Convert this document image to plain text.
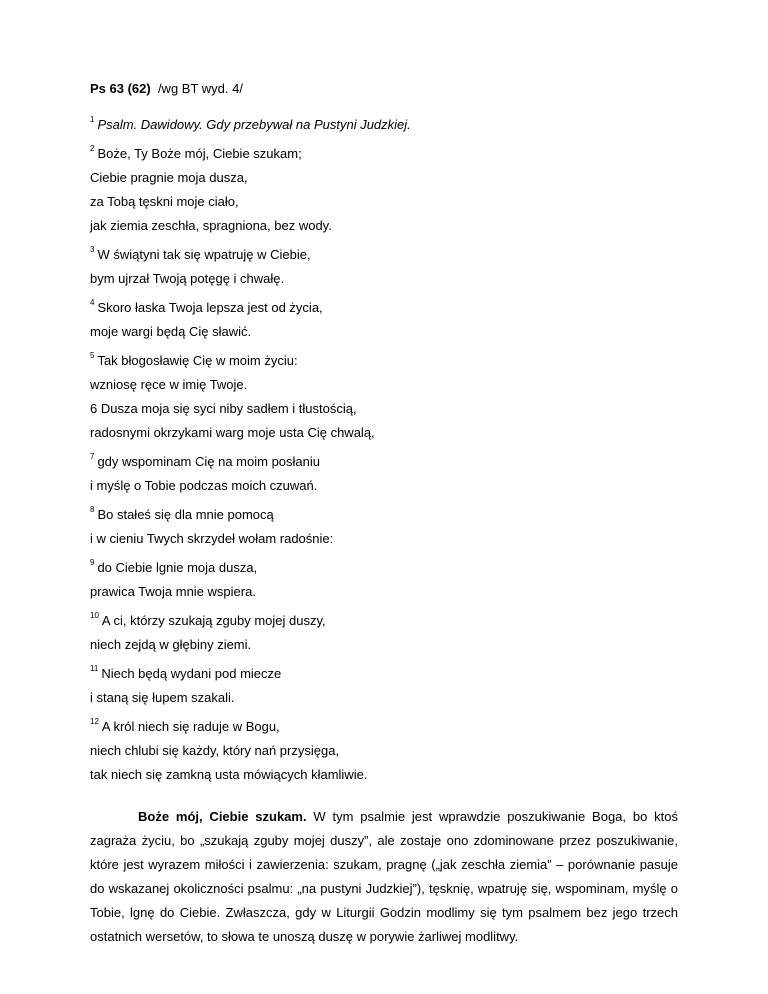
Ps 63 (62) /wg BT wyd. 4/

$^1$ Psalm. Dawidowy. Gdy przebywał na Pustyni Judzkiej.

$^2$ Boże, Ty Boże mój, Ciebie szukam;

Ciebie pragnie moja dusza,

za Tobą tęskni moje ciało,

jak ziemia zeschła, spragniona, bez wody.

$^3$ W świątyni tak się wpatruję w Ciebie,

bym ujrzał Twoją potęgę i chwałę.

$^4$ Skoro łaska Twoja lepsza jest od życia,

moje wargi będą Cię sławić.

$^5$ Tak błogosławię Cię w moim życiu:

wzniosę ręce w imię Twoje.

6 Dusza moja się syci niby sadłem i tłustością,

radosnymi okrzykami warg moje usta Cię chwalą,

$^7$ gdy wspominam Cię na moim posłaniu

i myślę o Tobie podczas moich czuwań.

$^8$ Bo stałeś się dla mnie pomocą

i w cieniu Twych skrzydeł wołam radośnie:

$^9$ do Ciebie lgnie moja dusza,

prawica Twoja mnie wspiera.

$^{10}$ A ci, którzy szukają zguby mojej duszy,

niech zejdą w głębiny ziemi.

$^{11}$ Niech będą wydani pod miecze

i staną się łupem szakali.

$^{12}$ A król niech się raduje w Bogu,

niech chlubi się każdy, który nań przysięga,

tak niech się zamkną usta mówiących kłamliwie.

Boże mój, Ciebie szukam. W tym psalmie jest wprawdzie poszukiwanie Boga, bo ktoś zagraża życiu, bo „szukają zguby mojej duszy”, ale zostaje ono zdominowane przez poszukiwanie, które jest wyrazem miłości i zawierzenia: szukam, pragnę („jak zeschła ziemia” – porównanie pasuje do wskazanej okoliczności psalmu: „na pustyni Judzkiej”), tęsknię, wpatruję się, wspominam, myślę o Tobie, lgnę do Ciebie. Zwłaszcza, gdy w Liturgii Godzin modlimy się tym psalmem bez jego trzech ostatnich wersetów, to słowa te unoszą duszę w porywie żarliwej modlitwy.
